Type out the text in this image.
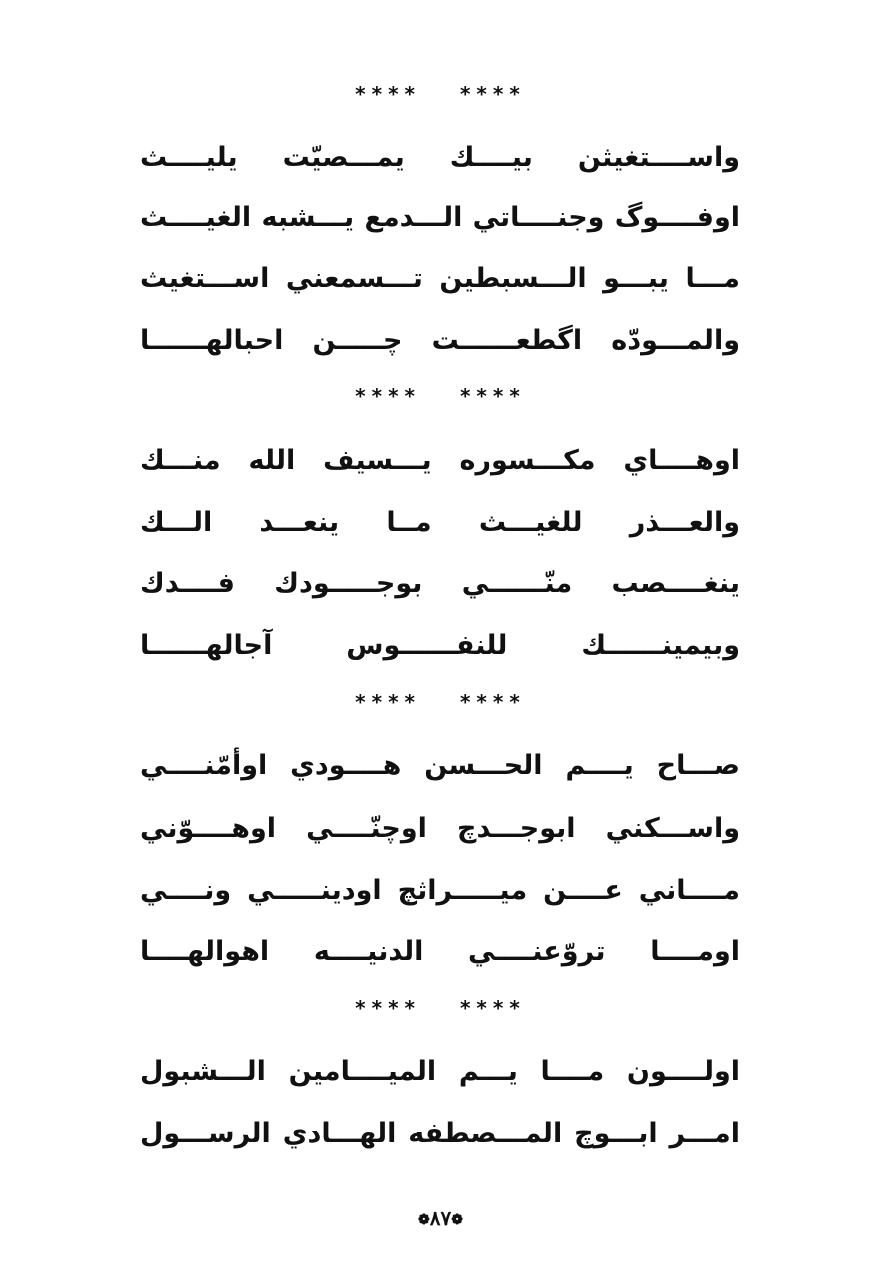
**** ****
واســــتغيثن بيــــك يمـــصيّت يليــــث
اوفــــوگ وجنــــاتي الـــدمع يـــشبه الغيــــث
مـــا يبـــو الـــسبطين تـــسمعني اســـتغيث
والمـــودّه اگطعــــــت چـــــن احبالهــــــا
**** ****
اوهــــاي مكـــسوره يـــسيف الله منـــك
والعـــذر للغيـــث مــا ينعـــد الـــك
ينغــــصب منّــــــي بوجـــــودك فــــدك
وبيمينــــــك للنفــــــوس آجالهــــــا
**** ****
صـــاح يــــم الحـــسن هــــودي اوأمّنــــي
واســـكني ابوجـــدچ اوچنّــــي اوهــــوّني
مــــاني عــــن ميـــــراثچ اودينـــــي ونــــي
اومــــا تروّعنــــي الدنيــــه اهوالهــــا
**** ****
اولــــون مــــا يـــم الميــــامين الـــشبول
امـــر ابـــوچ المـــصطفه الهـــادي الرســـول
❁٨٧❁
